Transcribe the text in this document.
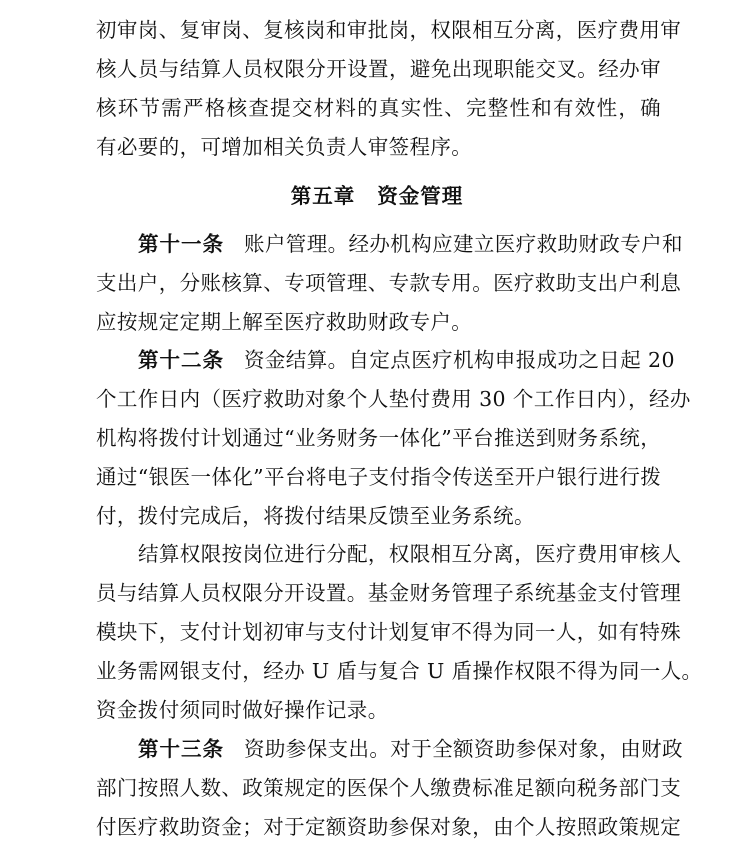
初审岗、复审岗、复核岗和审批岗，权限相互分离，医疗费用审
核人员与结算人员权限分开设置，避免出现职能交叉。经办审
核环节需严格核查提交材料的真实性、完整性和有效性，确
有必要的，可增加相关负责人审签程序。
第五章 资金管理
第十一条 账户管理。经办机构应建立医疗救助财政专户和
支出户，分账核算、专项管理、专款专用。医疗救助支出户利息
应按规定定期上解至医疗救助财政专户。
第十二条 资金结算。自定点医疗机构申报成功之日起 20
个工作日内（医疗救助对象个人垫付费用 30 个工作日内），经办
机构将拨付计划通过“业务财务一体化”平台推送到财务系统，
通过“银医一体化”平台将电子支付指令传送至开户银行进行拨
付，拨付完成后，将拨付结果反馈至业务系统。
结算权限按岗位进行分配，权限相互分离，医疗费用审核人
员与结算人员权限分开设置。基金财务管理子系统基金支付管理
模块下，支付计划初审与支付计划复审不得为同一人，如有特殊
业务需网银支付，经办 U 盾与复合 U 盾操作权限不得为同一人。
资金拨付须同时做好操作记录。
第十三条 资助参保支出。对于全额资助参保对象，由财政
部门按照人数、政策规定的医保个人缴费标准足额向税务部门支
付医疗救助资金；对于定额资助参保对象，由个人按照政策规定
